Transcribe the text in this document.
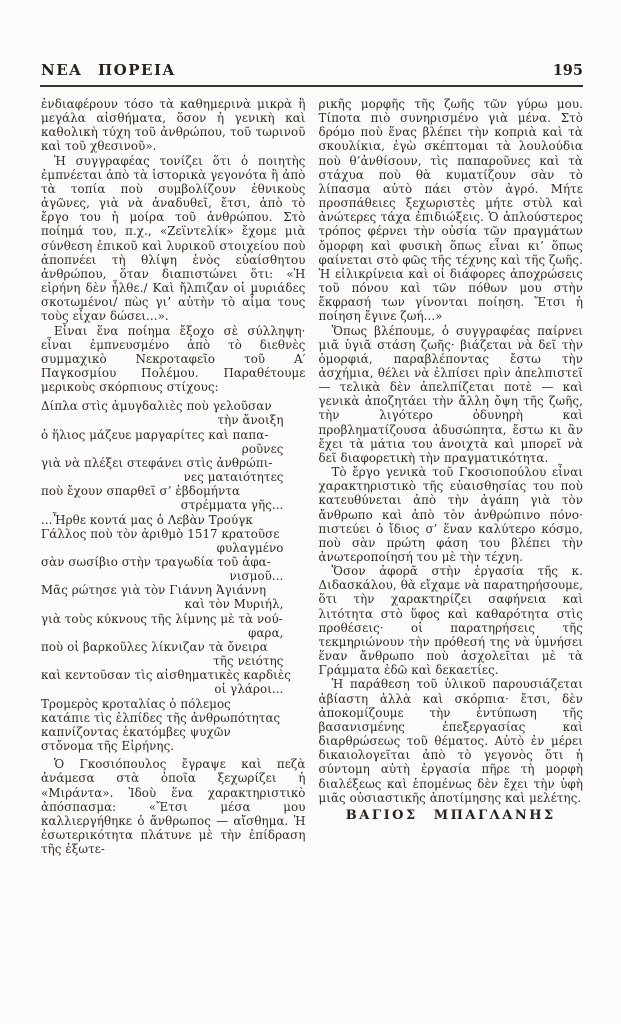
ΝΕΑ ΠΟΡΕΙΑ	195

ἐνδιαφέρουν τόσο τὰ καθημερινὰ μικρὰ ἢ μεγάλα αἰσθήματα, ὅσον ἡ γενικὴ καὶ καθολικὴ τύχη τοῦ ἀνθρώπου, τοῦ τωρινοῦ καὶ τοῦ χθεσινοῦ».

Ἡ συγγραφέας τονίζει ὅτι ὁ ποιητὴς ἐμπνέεται ἀπὸ τὰ ἱστορικὰ γεγονότα ἢ ἀπὸ τὰ τοπία ποὺ συμβολίζουν ἐθνικοὺς ἀγῶνες, γιὰ νὰ ἀναδυθεῖ, ἔτσι, ἀπὸ τὸ ἔργο του ἡ μοίρα τοῦ ἀνθρώπου. Στὸ ποίημά του, π.χ., «Ζεϊντελίκ» ἔχομε μιὰ σύνθεση ἐπικοῦ καὶ λυρικοῦ στοιχείου ποὺ ἀποπνέει τὴ θλίψη ἑνὸς εὐαίσθητου ἀνθρώπου, ὅταν διαπιστώνει ὅτι: «Ἡ εἰρήνη δὲν ἦλθε./ Καὶ ἤλπιζαν οἱ μυριάδες σκοτωμένοι/ πὼς γι’ αὐτὴν τὸ αἷμα τους τοὺς εἶχαν δώσει...».

Εἶναι ἕνα ποίημα ἔξοχο σὲ σύλληψη· εἶναι ἐμπνευσμένο ἀπὸ τὸ διεθνὲς συμμαχικὸ Νεκροταφεῖο τοῦ Α′ Παγκοσμίου Πολέμου. Παραθέτουμε μερικοὺς σκόρπιους στίχους:

Δίπλα στὶς ἀμυγδαλιὲς ποὺ γελοῦσαν
τὴν ἄνοιξη
ὁ ἥλιος μάζευε μαργαρίτες καὶ παπα-
ροῦνες
γιὰ νὰ πλέξει στεφάνει στὶς ἀνθρώπι-
νες ματαιότητες
ποὺ ἔχουν σπαρθεῖ σ’ ἑβδομήντα
στρέμματα γῆς...
...Ἦρθε κοντά μας ὁ Λεβὰν Τρούγκ
Γάλλος ποὺ τὸν ἀριθμὸ 1517 κρατοῦσε
φυλαγμένο
σὰν σωσίβιο στὴν τραγωδία τοῦ ἀφα-
νισμοῦ...
Μᾶς ρώτησε γιὰ τὸν Γιάννη Ἁγιάννη
καὶ τὸν Μυριήλ,
γιὰ τοὺς κύκνους τῆς λίμνης μὲ τὰ νού-
φαρα,
ποὺ οἱ βαρκοῦλες λίκνιζαν τὰ ὄνειρα
τῆς νειότης
καὶ κεντοῦσαν τὶς αἰσθηματικὲς καρδιὲς
οἱ γλάροι...
Τρομερὸς κροταλίας ὁ πόλεμος
κατάπιε τὶς ἐλπίδες τῆς ἀνθρωπότητας
καπνίζοντας ἑκατόμβες ψυχῶν
στὄνομα τῆς Εἰρήνης.

Ὁ Γκοσιόπουλος ἔγραψε καὶ πεζὰ ἀνάμεσα στὰ ὁποῖα ξεχωρίζει ἡ «Μιράντα». Ἰδοὺ ἕνα χαρακτηριστικὸ ἀπόσπασμα: «Ἔτσι μέσα μου καλλιεργήθηκε ὁ ἄνθρωπος — αἴσθημα. Ἡ ἐσωτερικότητα πλάτυνε μὲ τὴν ἐπίδραση τῆς ἐξωτε-

ρικῆς μορφῆς τῆς ζωῆς τῶν γύρω μου. Τίποτα πιὸ συνηρισμένο γιὰ μένα. Στὸ δρόμο ποὺ ἕνας βλέπει τὴν κοπριὰ καὶ τὰ σκουλίκια, ἐγὼ σκέπτομαι τὰ λουλούδια ποὺ θ’ἀνθίσουν, τὶς παπαροῦνες καὶ τὰ στάχυα ποὺ θὰ κυματίζουν σὰν τὸ λίπασμα αὐτὸ πάει στὸν ἀγρό. Μήτε προσπάθειες ξεχωριστὲς μήτε στὺλ καὶ ἀνώτερες τάχα ἐπιδιώξεις. Ὁ ἁπλούστερος τρόπος φέρνει τὴν οὐσία τῶν πραγμάτων ὄμορφη καὶ φυσικὴ ὅπως εἶναι κι’ ὅπως φαίνεται στὸ φῶς τῆς τέχνης καὶ τῆς ζωῆς. Ἡ εἰλικρίνεια καὶ οἱ διάφορες ἀποχρώσεις τοῦ πόνου καὶ τῶν πόθων μου στὴν ἔκφρασή των γίνονται ποίηση. Ἔτσι ἡ ποίηση ἔγινε ζωή...»

Ὅπως βλέπουμε, ὁ συγγραφέας παίρνει μιᾶ ὑγιᾶ στάση ζωῆς· βιάζεται νὰ δεῖ τὴν ὀμορφιά, παραβλέποντας ἔστω τὴν ἀσχήμια, θέλει νὰ ἐλπίσει πρὶν ἀπελπιστεῖ — τελικὰ δὲν ἀπελπίζεται ποτὲ — καὶ γενικὰ ἀποζητάει τὴν ἄλλη ὄψη τῆς ζωῆς, τὴν λιγότερο ὀδυνηρὴ καὶ προβληματίζουσα ἀδυσώπητα, ἔστω κι ἂν ἔχει τὰ μάτια του ἀνοιχτὰ καὶ μπορεῖ νὰ δεῖ διαφορετικὴ τὴν πραγματικότητα.

Τὸ ἔργο γενικὰ τοῦ Γκοσιοπούλου εἶναι χαρακτηριστικὸ τῆς εὐαισθησίας του ποὺ κατευθύνεται ἀπὸ τὴν ἀγάπη γιὰ τὸν ἄνθρωπο καὶ ἀπὸ τὸν ἀνθρώπινο πόνο· πιστεύει ὁ ἴδιος σ’ ἕναν καλύτερο κόσμο, ποὺ σὰν πρώτη φάση του βλέπει τὴν ἀνωτεροποίησή του μὲ τὴν τέχνη.

Ὅσον ἀφορᾶ στὴν ἐργασία τῆς κ. Διδασκάλου, θὰ εἴχαμε νὰ παρατηρήσουμε, ὅτι τὴν χαρακτηρίζει σαφήνεια καὶ λιτότητα στὸ ὕφος καὶ καθαρότητα στὶς προθέσεις· οἱ παρατηρήσεις τῆς τεκμηριώνουν τὴν πρόθεσή της νὰ ὑμνήσει ἕναν ἄνθρωπο ποὺ ἀσχολεῖται μὲ τὰ Γράμματα ἐδῶ καὶ δεκαετίες.

Ἡ παράθεση τοῦ ὑλικοῦ παρουσιάζεται ἀβίαστη ἀλλὰ καὶ σκόρπια· ἔτσι, δὲν ἀποκομίζουμε τὴν ἐντύπωση τῆς βασανισμένης ἐπεξεργασίας καὶ διαρθρώσεως τοῦ θέματος. Αὐτὸ ἐν μέρει δικαιολογεῖται ἀπὸ τὸ γεγονὸς ὅτι ἡ σύντομη αὐτὴ ἐργασία πῆρε τὴ μορφὴ διαλέξεως καὶ ἑπομένως δὲν ἔχει τὴν ὑφὴ μιᾶς οὐσιαστικῆς ἀποτίμησης καὶ μελέτης.

ΒΑΓΙΟΣ ΜΠΑΓΛΑΝΗΣ
